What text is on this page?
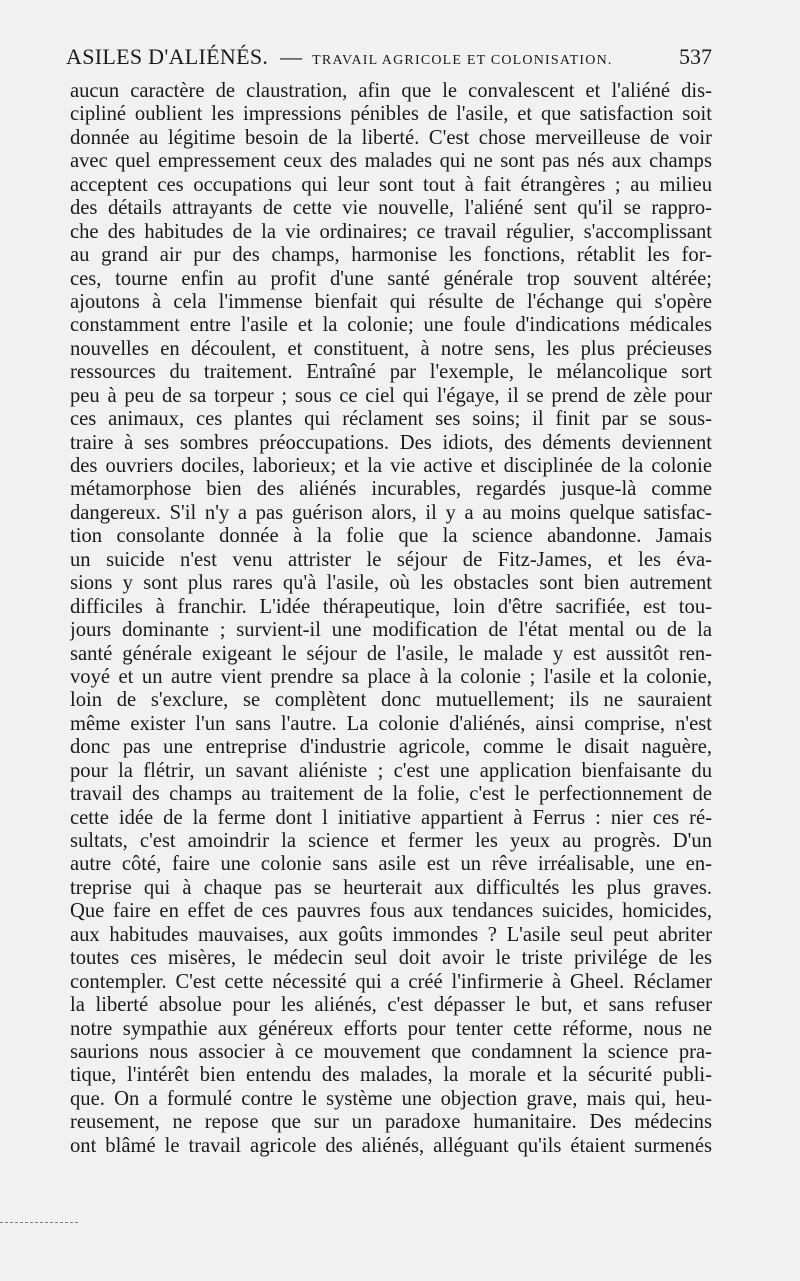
ASILES D'ALIÉNÉS. — TRAVAIL AGRICOLE ET COLONISATION.	537
aucun caractère de claustration, afin que le convalescent et l'aliéné dis-
cipliné oublient les impressions pénibles de l'asile, et que satisfaction soit
donnée au légitime besoin de la liberté. C'est chose merveilleuse de voir
avec quel empressement ceux des malades qui ne sont pas nés aux champs
acceptent ces occupations qui leur sont tout à fait étrangères ; au milieu
des détails attrayants de cette vie nouvelle, l'aliéné sent qu'il se rappro-
che des habitudes de la vie ordinaires; ce travail régulier, s'accomplissant
au grand air pur des champs, harmonise les fonctions, rétablit les for-
ces, tourne enfin au profit d'une santé générale trop souvent altérée;
ajoutons à cela l'immense bienfait qui résulte de l'échange qui s'opère
constamment entre l'asile et la colonie; une foule d'indications médicales
nouvelles en découlent, et constituent, à notre sens, les plus précieuses
ressources du traitement. Entraîné par l'exemple, le mélancolique sort
peu à peu de sa torpeur ; sous ce ciel qui l'égaye, il se prend de zèle pour
ces animaux, ces plantes qui réclament ses soins; il finit par se sous-
traire à ses sombres préoccupations. Des idiots, des déments deviennent
des ouvriers dociles, laborieux; et la vie active et disciplinée de la colonie
métamorphose bien des aliénés incurables, regardés jusque-là comme
dangereux. S'il n'y a pas guérison alors, il y a au moins quelque satisfac-
tion consolante donnée à la folie que la science abandonne. Jamais
un suicide n'est venu attrister le séjour de Fitz-James, et les éva-
sions y sont plus rares qu'à l'asile, où les obstacles sont bien autrement
difficiles à franchir. L'idée thérapeutique, loin d'être sacrifiée, est tou-
jours dominante ; survient-il une modification de l'état mental ou de la
santé générale exigeant le séjour de l'asile, le malade y est aussitôt ren-
voyé et un autre vient prendre sa place à la colonie ; l'asile et la colonie,
loin de s'exclure, se complètent donc mutuellement; ils ne sauraient
même exister l'un sans l'autre. La colonie d'aliénés, ainsi comprise, n'est
donc pas une entreprise d'industrie agricole, comme le disait naguère,
pour la flétrir, un savant aliéniste ; c'est une application bienfaisante du
travail des champs au traitement de la folie, c'est le perfectionnement de
cette idée de la ferme dont l initiative appartient à Ferrus : nier ces ré-
sultats, c'est amoindrir la science et fermer les yeux au progrès. D'un
autre côté, faire une colonie sans asile est un rêve irréalisable, une en-
treprise qui à chaque pas se heurterait aux difficultés les plus graves.
Que faire en effet de ces pauvres fous aux tendances suicides, homicides,
aux habitudes mauvaises, aux goûts immondes ? L'asile seul peut abriter
toutes ces misères, le médecin seul doit avoir le triste privilége de les
contempler. C'est cette nécessité qui a créé l'infirmerie à Gheel. Réclamer
la liberté absolue pour les aliénés, c'est dépasser le but, et sans refuser
notre sympathie aux généreux efforts pour tenter cette réforme, nous ne
saurions nous associer à ce mouvement que condamnent la science pra-
tique, l'intérêt bien entendu des malades, la morale et la sécurité publi-
que. On a formulé contre le système une objection grave, mais qui, heu-
reusement, ne repose que sur un paradoxe humanitaire. Des médecins
ont blâmé le travail agricole des aliénés, alléguant qu'ils étaient surmenés
